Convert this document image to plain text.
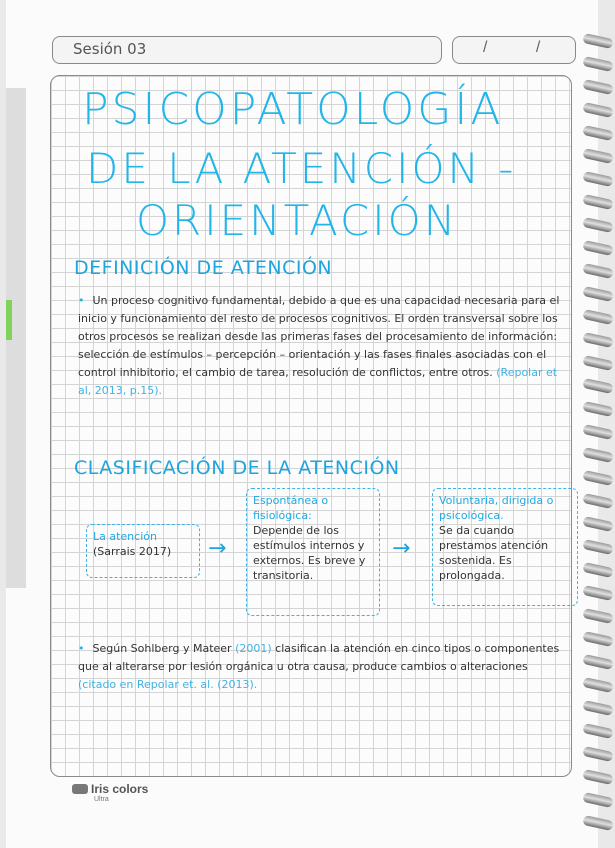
Sesión 03	/ /
PSICOPATOLOGÍA
DE LA ATENCIÓN -
ORIENTACIÓN
DEFINICIÓN DE ATENCIÓN
• Un proceso cognitivo fundamental, debido a que es una capacidad necesaria para el inicio y funcionamiento del resto de procesos cognitivos. El orden transversal sobre los otros procesos se realizan desde las primeras fases del procesamiento de información: selección de estímulos – percepción – orientación y las fases finales asociadas con el control inhibitorio, el cambio de tarea, resolución de conflictos, entre otros. (Repolar et al, 2013, p.15).
CLASIFICACIÓN DE LA ATENCIÓN
La atención
(Sarrais 2017)	→
Espontánea o fisiológica:
Depende de los estímulos internos y externos. Es breve y transitoria.
→
Voluntaria, dirigida o psicológica.
Se da cuando prestamos atención sostenida. Es prolongada.
• Según Sohlberg y Mateer (2001) clasifican la atención en cinco tipos o componentes que al alterarse por lesión orgánica u otra causa, produce cambios o alteraciones (citado en Repolar et. al. (2013).
Iris colors
Ultra
